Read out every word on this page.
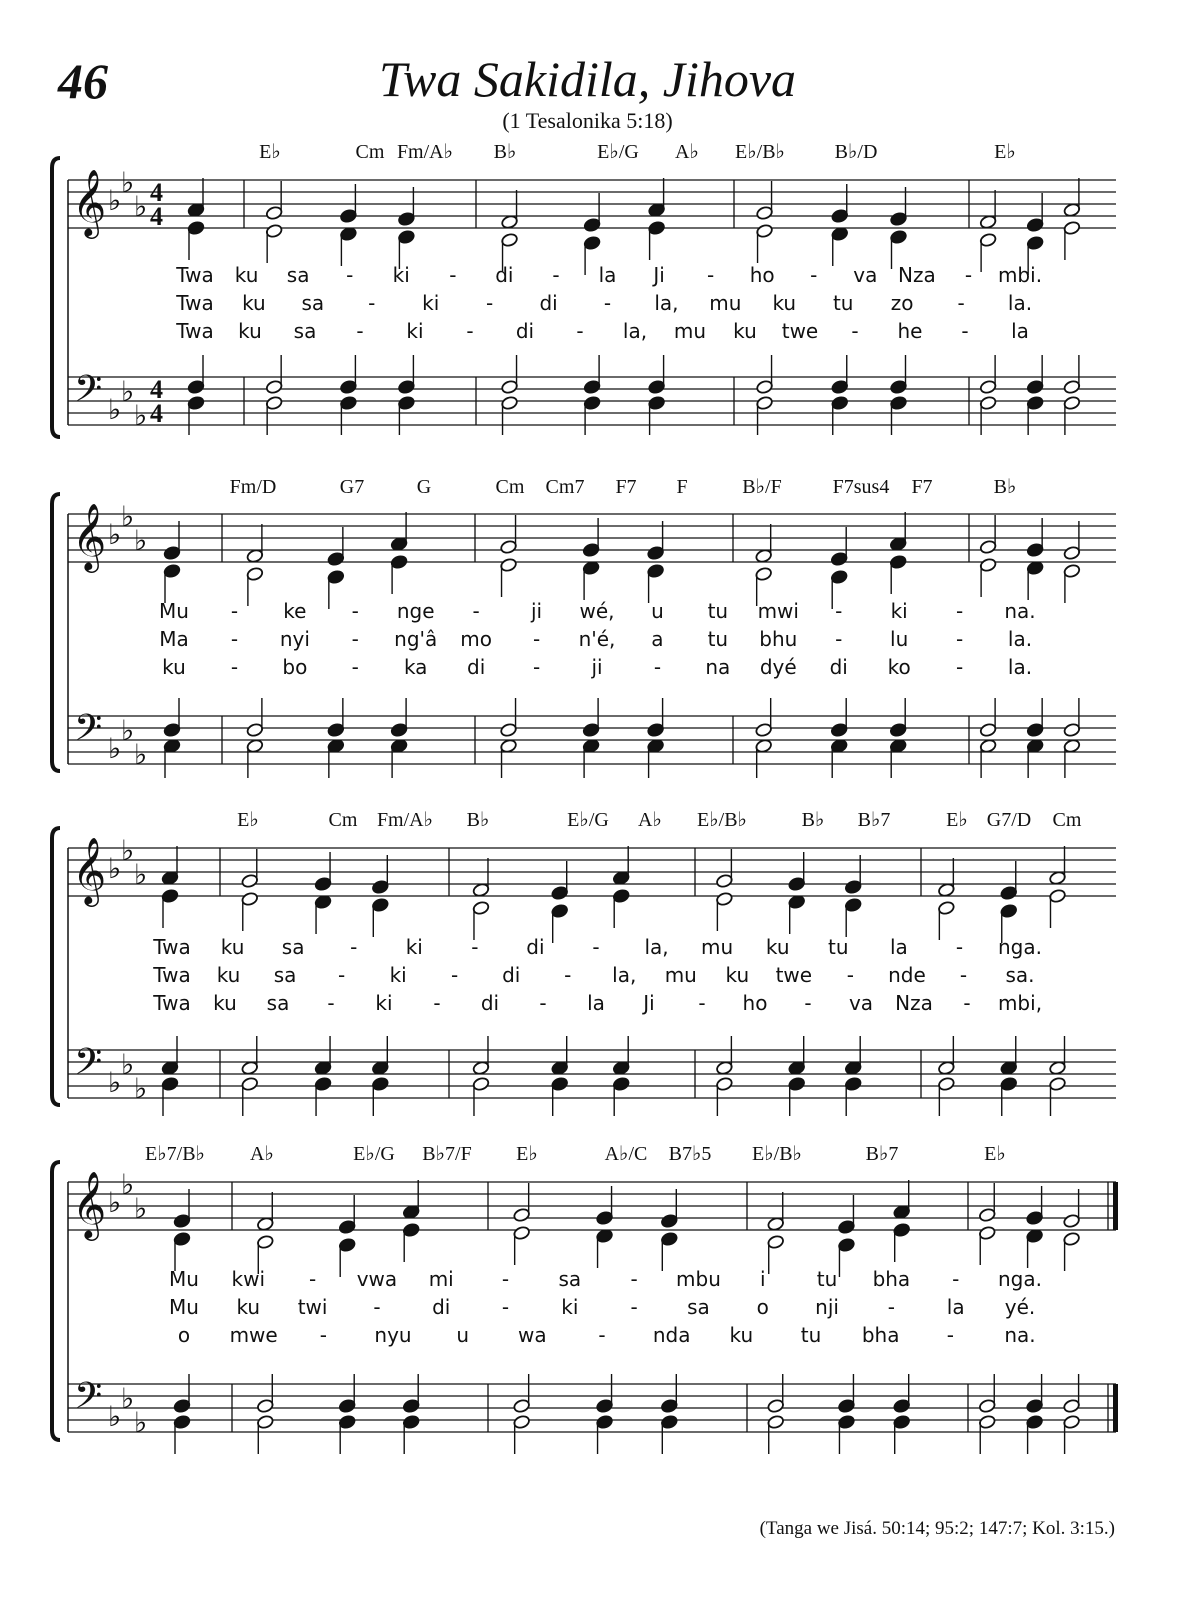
46	Twa Sakidila, Jihova
(1 Tesalonika 5:18)
𝄞
𝄢
♭
♭
♭
♭
♭
♭
4
4
4
4
E♭	Cm Fm/A♭ B♭	E♭/G A♭ E♭/B♭ B♭/D	E♭
Twa ku sa - ki - di - la Ji - ho - va Nza - mbi.
Twa ku sa - ki - di - la, mu ku tu zo - la.
Twa ku sa - ki - di - la, mu ku twe - he - la
𝄞
𝄢
♭
♭
♭
♭
♭
♭
Fm/D	G7	G	Cm Cm7 F7 F	B♭/F	F7sus4 F7	B♭
Mu - ke - nge -	ji wé, u tu mwi - ki - na.
Ma - nyi - ng'â mo - n'é, a tu bhu - lu - la.
ku - bo - ka di -	ji	- na dyé di ko - la.
𝄞
𝄢
♭
♭
♭
♭
♭
♭
E♭	Cm Fm/A♭ B♭	E♭/G A♭ E♭/B♭	B♭ B♭7	E♭ G7/D Cm
Twa ku sa - ki - di - la, mu ku tu la - nga.
Twa ku sa - ki - di - la, mu ku twe - nde - sa.
Twa ku sa - ki - di - la Ji - ho - va Nza - mbi,
𝄞
𝄢
♭
♭
♭
♭
♭
♭
E♭7/B♭ A♭	E♭/G B♭7/F E♭	A♭/C B7♭5 E♭/B♭	B♭7	E♭
Mu kwi - vwa mi - sa - mbu i	tu bha - nga.
Mu ku twi -	di	-	ki	- sa o nji -	la yé.
o mwe - nyu u wa	- nda ku tu bha -	na.
(Tanga we Jisá. 50:14; 95:2; 147:7; Kol. 3:15.)
